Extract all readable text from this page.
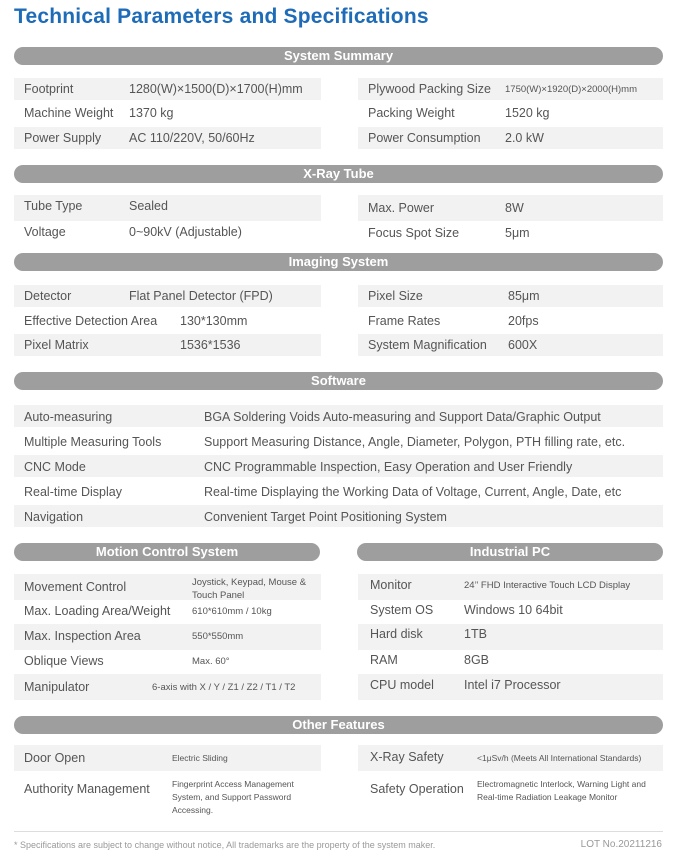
Technical Parameters and Specifications
System Summary
Footprint	1280(W)×1500(D)×1700(H)mm
Machine Weight 1370 kg
Power Supply AC 110/220V, 50/60Hz
Plywood Packing Size 1750(W)×1920(D)×2000(H)mm
Packing Weight	1520 kg
Power Consumption 2.0 kW
X-Ray Tube
Tube Type	Sealed
Voltage	0~90kV (Adjustable)
Max. Power	8W
Focus Spot Size	5μm
Imaging System
Detector	Flat Panel Detector (FPD)
Effective Detection Area 130*130mm
Pixel Matrix	1536*1536
Pixel Size	85μm
Frame Rates	20fps
System Magnification 600X
Software
Auto-measuring	BGA Soldering Voids Auto-measuring and Support Data/Graphic Output
Multiple Measuring Tools	Support Measuring Distance, Angle, Diameter, Polygon, PTH filling rate, etc.
CNC Mode	CNC Programmable Inspection, Easy Operation and User Friendly
Real-time Display	Real-time Displaying the Working Data of Voltage, Current, Angle, Date, etc
Navigation	Convenient Target Point Positioning System
Motion Control System
Movement Control	Joystick, Keypad, Mouse & Touch Panel
Max. Loading Area/Weight 610*610mm / 10kg
Max. Inspection Area	550*550mm
Oblique Views	Max. 60°
Manipulator	6-axis with X / Y / Z1 / Z2 / T1 / T2
Industrial PC
Monitor	24’’ FHD Interactive Touch LCD Display
System OS Windows 10 64bit
Hard disk	1TB
RAM	8GB
CPU model Intel i7 Processor
Other Features
Door Open	Electric Sliding
Authority Management	Fingerprint Access Management System, and Support Password Accessing.
X-Ray Safety	<1μSv/h (Meets All International Standards)
Safety Operation Electromagnetic Interlock, Warning Light and Real-time Radiation Leakage Monitor
* Specifications are subject to change without notice, All trademarks are the property of the system maker.	LOT No.20211216
